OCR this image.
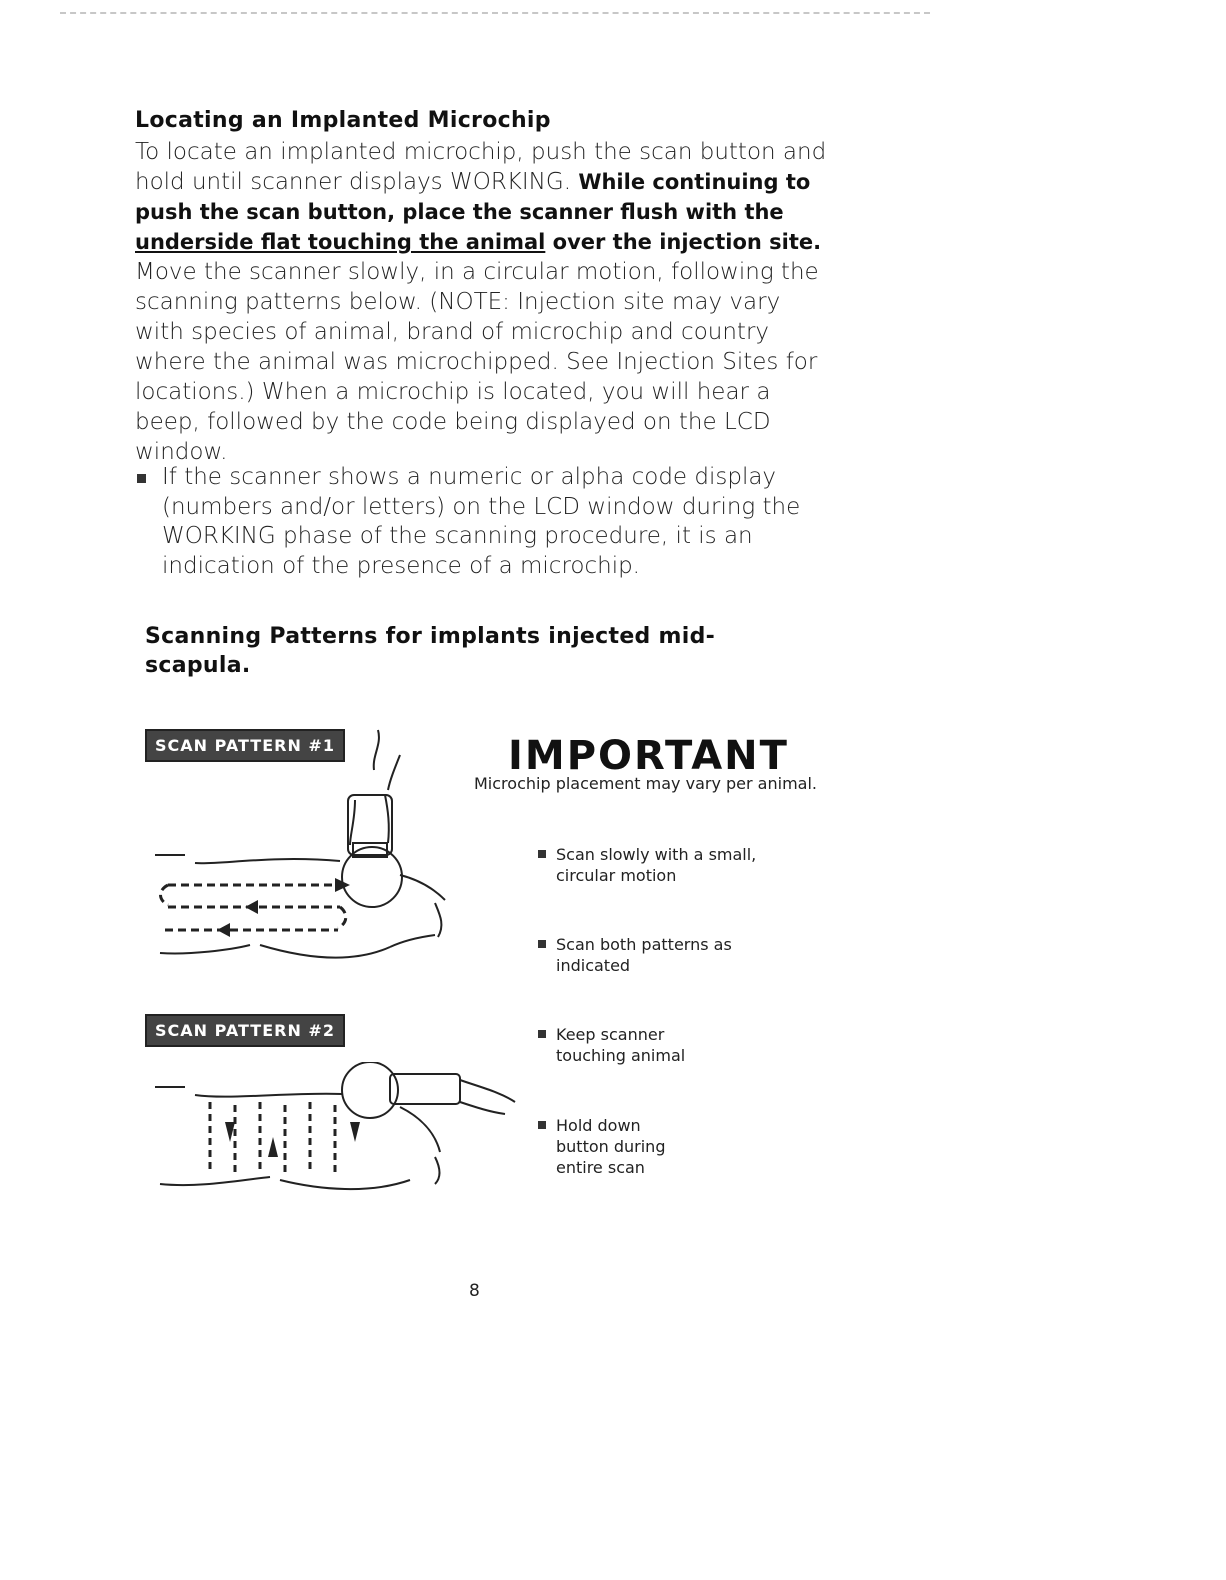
Locating an Implanted Microchip
To locate an implanted microchip, push the scan button and hold until scanner displays WORKING. While continuing to push the scan button, place the scanner flush with the underside flat touching the animal over the injection site. Move the scanner slowly, in a circular motion, following the scanning patterns below. (NOTE: Injection site may vary with species of animal, brand of microchip and country where the animal was microchipped. See Injection Sites for locations.) When a microchip is located, you will hear a beep, followed by the code being displayed on the LCD window.
If the scanner shows a numeric or alpha code display (numbers and/or letters) on the LCD window during the WORKING phase of the scanning procedure, it is an indication of the presence of a microchip.
Scanning Patterns for implants injected mid-scapula.
SCAN PATTERN #1
SCAN PATTERN #2
IMPORTANT
Microchip placement may vary per animal.
Scan slowly with a small, circular motion
Scan both patterns as indicated
Keep scanner touching animal
Hold down button during entire scan
8
